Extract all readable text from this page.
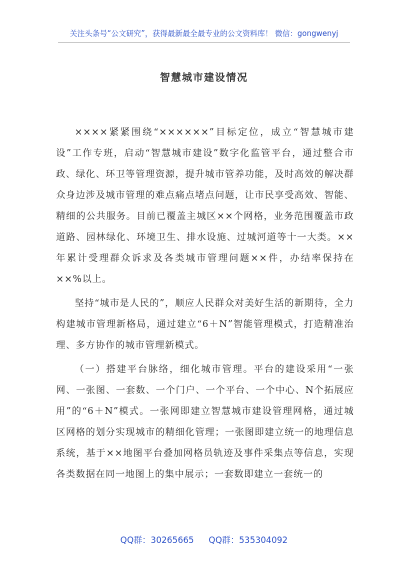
关注头条号“公文研究”，获得最新最全最专业的公文资料库！ 微信：gongwenyj
智慧城市建设情况

××××紧紧围绕“××××××”目标定位，成立“智慧城市建设”工作专班，启动“智慧城市建设”数字化监管平台，通过整合市政、绿化、环卫等管理资源，提升城市管养功能，及时高效的解决群众身边涉及城市管理的难点痛点堵点问题，让市民享受高效、智能、精细的公共服务。目前已覆盖主城区××个网格，业务范围覆盖市政道路、园林绿化、环境卫生、排水设施、过城河道等十一大类。××年累计受理群众诉求及各类城市管理问题××件，办结率保持在××%以上。

坚持“城市是人民的”，顺应人民群众对美好生活的新期待，全力构建城市管理新格局，通过建立“6＋N”智能管理模式，打造精准治理、多方协作的城市管理新模式。

（一）搭建平台脉络，细化城市管理。平台的建设采用“一张网、一张图、一套数、一个门户、一个平台、一个中心、N个拓展应用”的“6＋N”模式。一张网即建立智慧城市建设管理网格，通过城区网格的划分实现城市的精细化管理；一张图即建立统一的地理信息系统，基于××地图平台叠加网格员轨迹及事件采集点等信息，实现各类数据在同一地图上的集中展示；一套数即建立一套统一的

QQ群：30265665 QQ群：535304092
